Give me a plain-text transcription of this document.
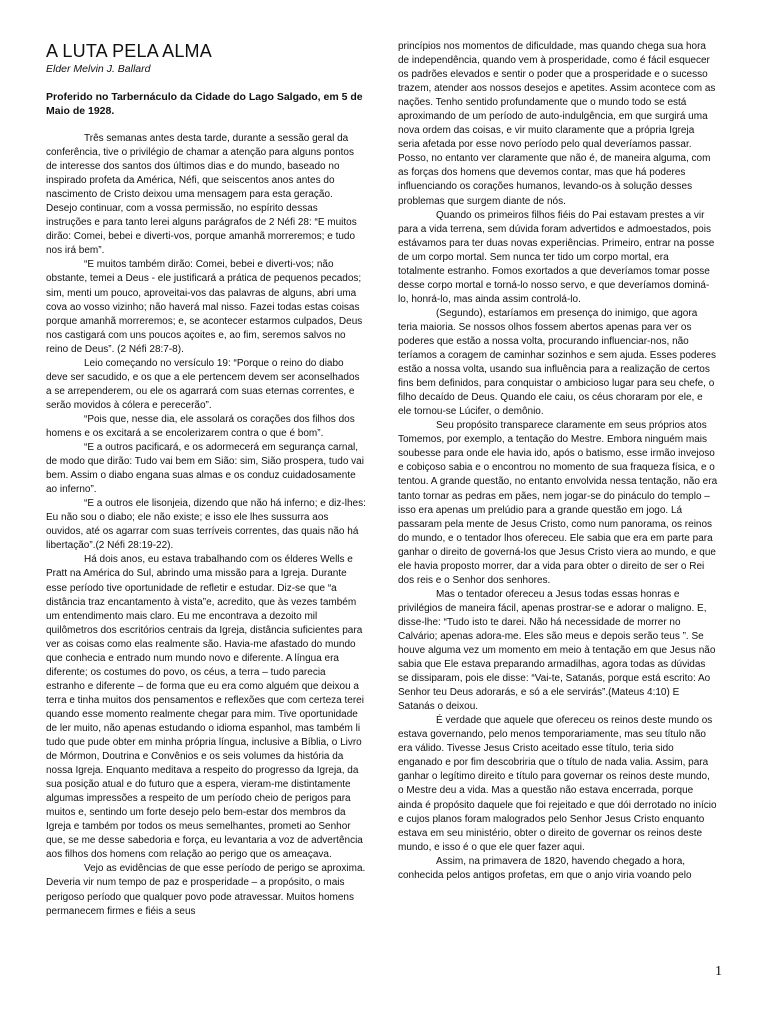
A LUTA PELA ALMA

Elder Melvin J. Ballard

Proferido no Tarbernáculo da Cidade do Lago Salgado, em 5 de Maio de 1928.

Três semanas antes desta tarde, durante a sessão geral da conferência, tive o privilégio de chamar a atenção para alguns pontos de interesse dos santos dos últimos dias e do mundo, baseado no inspirado profeta da América, Néfi, que seiscentos anos antes do nascimento de Cristo deixou uma mensagem para esta geração. Desejo continuar, com a vossa permissão, no espírito dessas instruções e para tanto lerei alguns parágrafos de 2 Néfi 28: “E muitos dirão: Comei, bebei e diverti-vos, porque amanhã morreremos; e tudo nos irá bem”.

“E muitos também dirão: Comei, bebei e diverti-vos; não obstante, temei a Deus - ele justificará a prática de pequenos pecados; sim, menti um pouco, aproveitai-vos das palavras de alguns, abri uma cova ao vosso vizinho; não haverá mal nisso. Fazei todas estas coisas porque amanhã morreremos; e, se acontecer estarmos culpados, Deus nos castigará com uns poucos açoites e, ao fim, seremos salvos no reino de Deus”. (2 Néfi 28:7-8).

Leio começando no versículo 19: “Porque o reino do diabo deve ser sacudido, e os que a ele pertencem devem ser aconselhados a se arrependerem, ou ele os agarrará com suas eternas correntes, e serão movidos à cólera e perecerão”.

“Pois que, nesse dia, ele assolará os corações dos filhos dos homens e os excitará a se encolerizarem contra o que é bom”.

“E a outros pacificará, e os adormecerá em segurança carnal, de modo que dirão: Tudo vai bem em Sião: sim, Sião prospera, tudo vai bem. Assim o diabo engana suas almas e os conduz cuidadosamente ao inferno”.

“E a outros ele lisonjeia, dizendo que não há inferno; e diz-lhes: Eu não sou o diabo; ele não existe; e isso ele lhes sussurra aos ouvidos, até os agarrar com suas terríveis correntes, das quais não há libertação”.(2 Néfi 28:19-22).

Há dois anos, eu estava trabalhando com os élderes Wells e Pratt na América do Sul, abrindo uma missão para a Igreja. Durante esse período tive oportunidade de refletir e estudar. Diz-se que “a distância traz encantamento à vista”e, acredito, que às vezes também um entendimento mais claro. Eu me encontrava a dezoito mil quilômetros dos escritórios centrais da Igreja, distância suficientes para ver as coisas como elas realmente são. Havia-me afastado do mundo que conhecia e entrado num mundo novo e diferente. A língua era diferente; os costumes do povo, os céus, a terra – tudo parecia estranho e diferente – de forma que eu era como alguém que deixou a terra e tinha muitos dos pensamentos e reflexões que com certeza terei quando esse momento realmente chegar para mim. Tive oportunidade de ler muito, não apenas estudando o idioma espanhol, mas também li tudo que pude obter em minha própria língua, inclusive a Bíblia, o Livro de Mórmon, Doutrina e Convênios e os seis volumes da história da nossa Igreja. Enquanto meditava a respeito do progresso da Igreja, da sua posição atual e do futuro que a espera, vieram-me distintamente algumas impressões a respeito de um período cheio de perigos para muitos e, sentindo um forte desejo pelo bem-estar dos membros da Igreja e também por todos os meus semelhantes, prometi ao Senhor que, se me desse sabedoria e força, eu levantaria a voz de advertência aos filhos dos homens com relação ao perigo que os ameaçava.

Vejo as evidências de que esse período de perigo se aproxima. Deveria vir num tempo de paz e prosperidade – a propósito, o mais perigoso período que qualquer povo pode atravessar. Muitos homens permanecem firmes e fiéis a seus

princípios nos momentos de dificuldade, mas quando chega sua hora de independência, quando vem à prosperidade, como é fácil esquecer os padrões elevados e sentir o poder que a prosperidade e o sucesso trazem, atender aos nossos desejos e apetites. Assim acontece com as nações. Tenho sentido profundamente que o mundo todo se está aproximando de um período de auto-indulgência, em que surgirá uma nova ordem das coisas, e vir muito claramente que a própria Igreja seria afetada por esse novo período pelo qual deveríamos passar. Posso, no entanto ver claramente que não é, de maneira alguma, com as forças dos homens que devemos contar, mas que há poderes influenciando os corações humanos, levando-os à solução desses problemas que surgem diante de nós.

Quando os primeiros filhos fiéis do Pai estavam prestes a vir para a vida terrena, sem dúvida foram advertidos e admoestados, pois estávamos para ter duas novas experiências. Primeiro, entrar na posse de um corpo mortal. Sem nunca ter tido um corpo mortal, era totalmente estranho. Fomos exortados a que deveríamos tomar posse desse corpo mortal e torná-lo nosso servo, e que deveríamos dominá-lo, honrá-lo, mas ainda assim controlá-lo.

(Segundo), estaríamos em presença do inimigo, que agora teria maioria. Se nossos olhos fossem abertos apenas para ver os poderes que estão a nossa volta, procurando influenciar-nos, não teríamos a coragem de caminhar sozinhos e sem ajuda. Esses poderes estão a nossa volta, usando sua influência para a realização de certos fins bem definidos, para conquistar o ambicioso lugar para seu chefe, o filho decaído de Deus. Quando ele caiu, os céus choraram por ele, e ele tornou-se Lúcifer, o demônio.

Seu propósito transparece claramente em seus próprios atos Tomemos, por exemplo, a tentação do Mestre. Embora ninguém mais soubesse para onde ele havia ido, após o batismo, esse irmão invejoso e cobiçoso sabia e o encontrou no momento de sua fraqueza física, e o tentou. A grande questão, no entanto envolvida nessa tentação, não era tanto tornar as pedras em pães, nem jogar-se do pináculo do templo – isso era apenas um prelúdio para a grande questão em jogo. Lá passaram pela mente de Jesus Cristo, como num panorama, os reinos do mundo, e o tentador lhos ofereceu. Ele sabia que era em parte para ganhar o direito de governá-los que Jesus Cristo viera ao mundo, e que ele havia proposto morrer, dar a vida para obter o direito de ser o Rei dos reis e o Senhor dos senhores.

Mas o tentador ofereceu a Jesus todas essas honras e privilégios de maneira fácil, apenas prostrar-se e adorar o maligno. E, disse-lhe: “Tudo isto te darei. Não há necessidade de morrer no Calvário; apenas adora-me. Eles são meus e depois serão teus ”. Se houve alguma vez um momento em meio à tentação em que Jesus não sabia que Ele estava preparando armadilhas, agora todas as dúvidas se dissiparam, pois ele disse: “Vai-te, Satanás, porque está escrito: Ao Senhor teu Deus adorarás, e só a ele servirás”.(Mateus 4:10) E Satanás o deixou.

É verdade que aquele que ofereceu os reinos deste mundo os estava governando, pelo menos temporariamente, mas seu título não era válido. Tivesse Jesus Cristo aceitado esse título, teria sido enganado e por fim descobriria que o título de nada valia. Assim, para ganhar o legítimo direito e título para governar os reinos deste mundo, o Mestre deu a vida. Mas a questão não estava encerrada, porque ainda é propósito daquele que foi rejeitado e que dói derrotado no início e cujos planos foram malogrados pelo Senhor Jesus Cristo enquanto estava em seu ministério, obter o direito de governar os reinos deste mundo, e isso é o que ele quer fazer aqui.

Assim, na primavera de 1820, havendo chegado a hora, conhecida pelos antigos profetas, em que o anjo viria voando pelo

1
